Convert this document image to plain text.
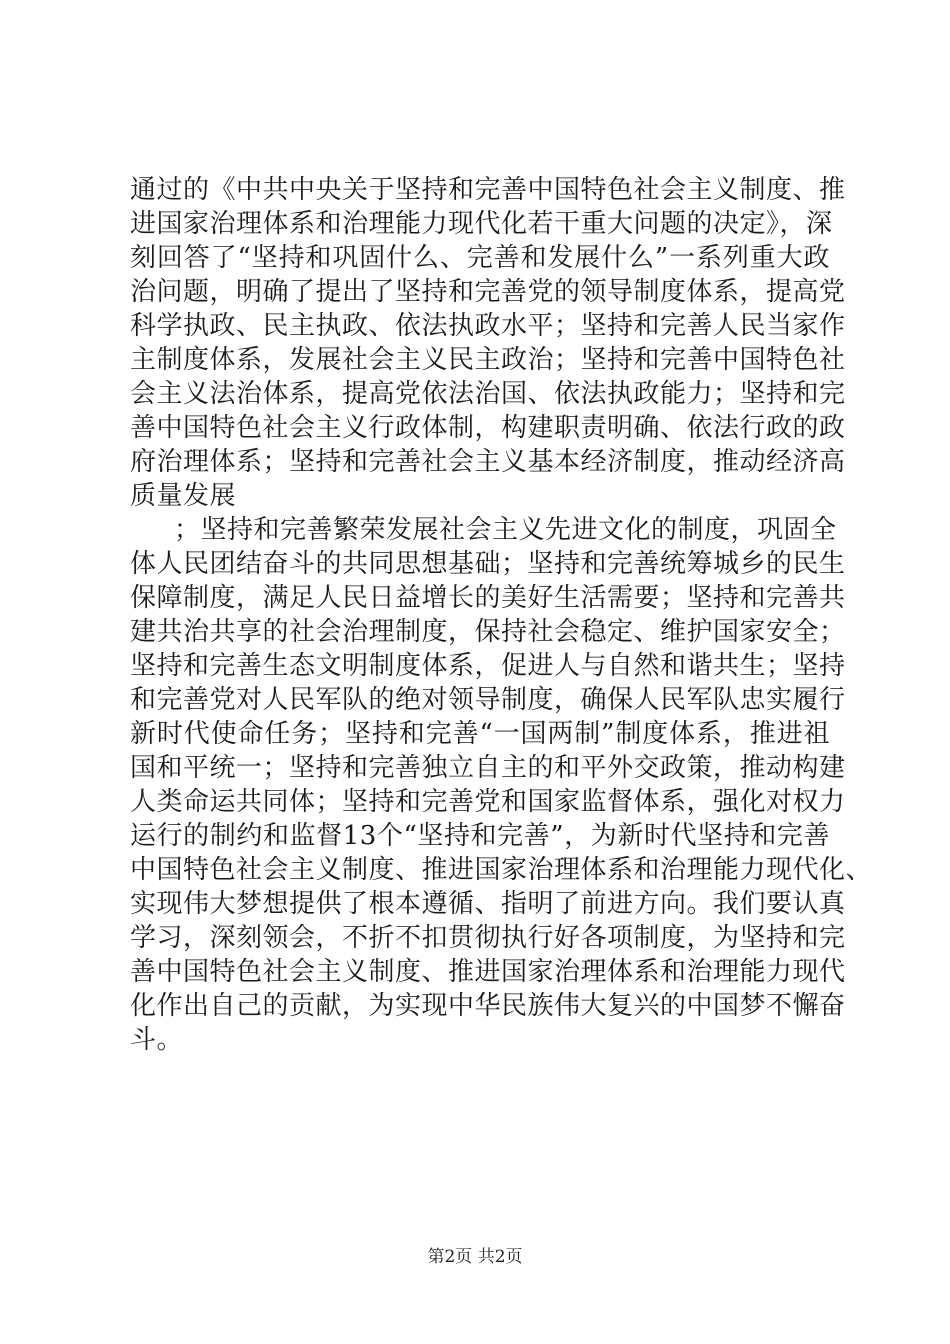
通过的《中共中央关于坚持和完善中国特色社会主义制度、推
进国家治理体系和治理能力现代化若干重大问题的决定》，深
刻回答了“坚持和巩固什么、完善和发展什么”一系列重大政
治问题，明确了提出了坚持和完善党的领导制度体系，提高党
科学执政、民主执政、依法执政水平；坚持和完善人民当家作
主制度体系，发展社会主义民主政治；坚持和完善中国特色社
会主义法治体系，提高党依法治国、依法执政能力；坚持和完
善中国特色社会主义行政体制，构建职责明确、依法行政的政
府治理体系；坚持和完善社会主义基本经济制度，推动经济高
质量发展
；坚持和完善繁荣发展社会主义先进文化的制度，巩固全
体人民团结奋斗的共同思想基础；坚持和完善统筹城乡的民生
保障制度，满足人民日益增长的美好生活需要；坚持和完善共
建共治共享的社会治理制度，保持社会稳定、维护国家安全；
坚持和完善生态文明制度体系，促进人与自然和谐共生；坚持
和完善党对人民军队的绝对领导制度，确保人民军队忠实履行
新时代使命任务；坚持和完善“一国两制”制度体系，推进祖
国和平统一；坚持和完善独立自主的和平外交政策，推动构建
人类命运共同体；坚持和完善党和国家监督体系，强化对权力
运行的制约和监督13个“坚持和完善”，为新时代坚持和完善
中国特色社会主义制度、推进国家治理体系和治理能力现代化、
实现伟大梦想提供了根本遵循、指明了前进方向。我们要认真
学习，深刻领会，不折不扣贯彻执行好各项制度，为坚持和完
善中国特色社会主义制度、推进国家治理体系和治理能力现代
化作出自己的贡献，为实现中华民族伟大复兴的中国梦不懈奋
斗。
第2页 共2页
